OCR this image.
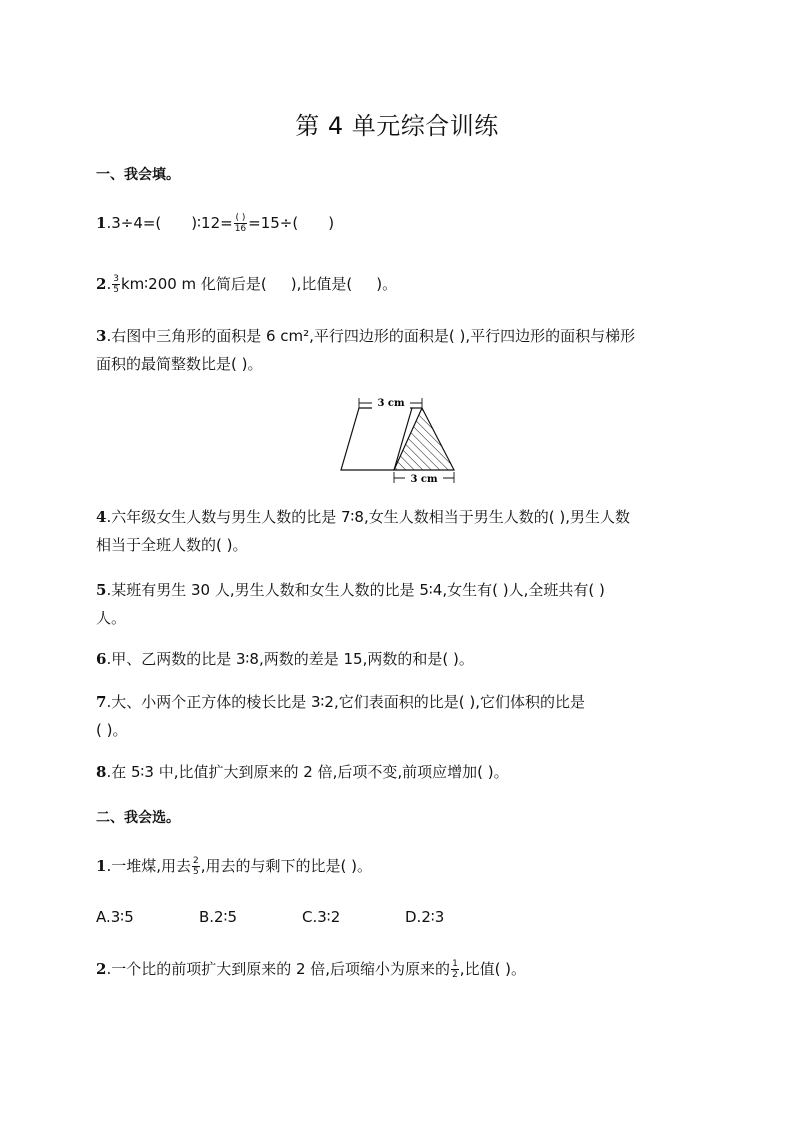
第 4 单元综合训练
一、我会填。
1.3÷4=( )∶12= $\frac{( )}{16} =15\div$( )
2. $\frac{3}{5}$ km∶200 m 化简后是( ),比值是( )。
3.右图中三角形的面积是 6 cm²,平行四边形的面积是( ),平行四边形的面积与梯形
面积的最简整数比是( )。
3 cm
3 cm
4.六年级女生人数与男生人数的比是 7∶8,女生人数相当于男生人数的( ),男生人数
相当于全班人数的( )。
5.某班有男生 30 人,男生人数和女生人数的比是 5∶4,女生有( )人,全班共有( )
人。
6.甲、乙两数的比是 3∶8,两数的差是 15,两数的和是( )。
7.大、小两个正方体的棱长比是 3∶2,它们表面积的比是( ),它们体积的比是
( )。
8.在 5∶3 中,比值扩大到原来的 2 倍,后项不变,前项应增加( )。
二、我会选。
1.一堆煤,用去 $\frac{2}{5}$ ,用去的与剩下的比是( )。
A.3∶5	B.2∶5	C.3∶2	D.2∶3
2.一个比的前项扩大到原来的 2 倍,后项缩小为原来的 $\frac{1}{2}$ ,比值( )。
